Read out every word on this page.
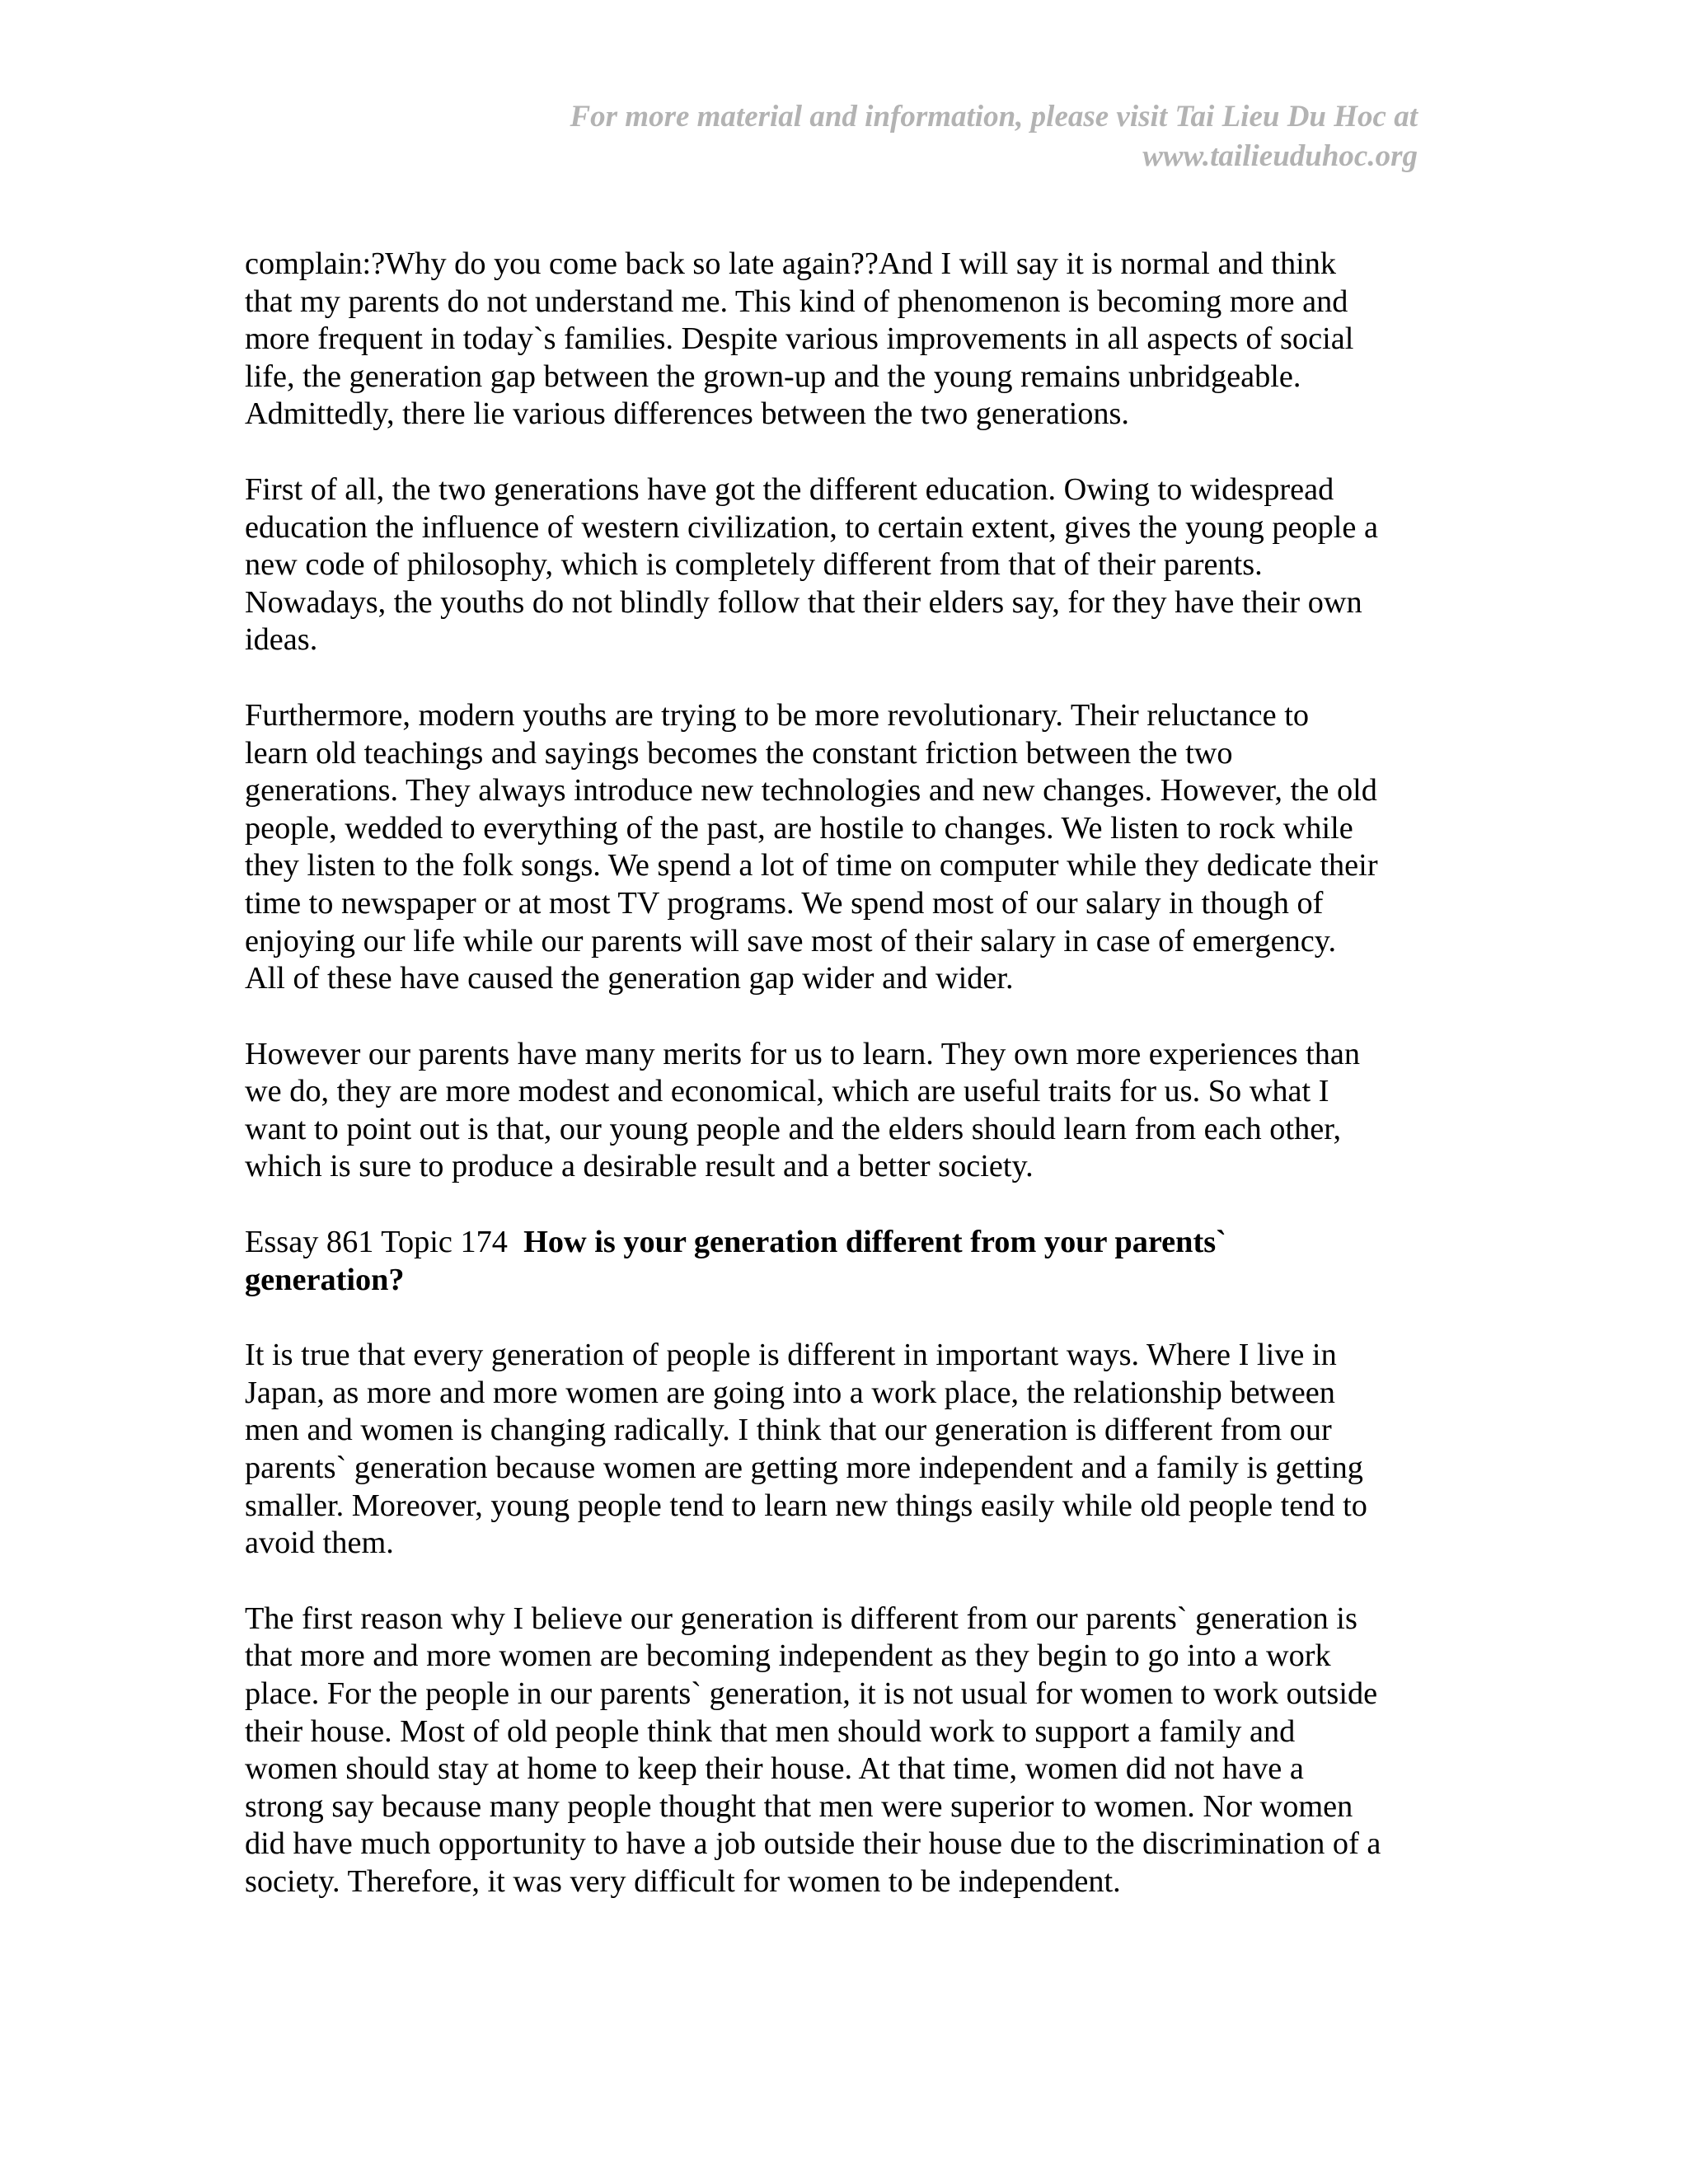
For more material and information, please visit Tai Lieu Du Hoc at
www.tailieuduhoc.org
complain:?Why do you come back so late again??And I will say it is normal and think
that my parents do not understand me. This kind of phenomenon is becoming more and
more frequent in today`s families. Despite various improvements in all aspects of social
life, the generation gap between the grown-up and the young remains unbridgeable.
Admittedly, there lie various differences between the two generations.
First of all, the two generations have got the different education. Owing to widespread
education the influence of western civilization, to certain extent, gives the young people a
new code of philosophy, which is completely different from that of their parents.
Nowadays, the youths do not blindly follow that their elders say, for they have their own
ideas.
Furthermore, modern youths are trying to be more revolutionary. Their reluctance to
learn old teachings and sayings becomes the constant friction between the two
generations. They always introduce new technologies and new changes. However, the old
people, wedded to everything of the past, are hostile to changes. We listen to rock while
they listen to the folk songs. We spend a lot of time on computer while they dedicate their
time to newspaper or at most TV programs. We spend most of our salary in though of
enjoying our life while our parents will save most of their salary in case of emergency.
All of these have caused the generation gap wider and wider.
However our parents have many merits for us to learn. They own more experiences than
we do, they are more modest and economical, which are useful traits for us. So what I
want to point out is that, our young people and the elders should learn from each other,
which is sure to produce a desirable result and a better society.
Essay 861 Topic 174 How is your generation different from your parents`
generation?
It is true that every generation of people is different in important ways. Where I live in
Japan, as more and more women are going into a work place, the relationship between
men and women is changing radically. I think that our generation is different from our
parents` generation because women are getting more independent and a family is getting
smaller. Moreover, young people tend to learn new things easily while old people tend to
avoid them.
The first reason why I believe our generation is different from our parents` generation is
that more and more women are becoming independent as they begin to go into a work
place. For the people in our parents` generation, it is not usual for women to work outside
their house. Most of old people think that men should work to support a family and
women should stay at home to keep their house. At that time, women did not have a
strong say because many people thought that men were superior to women. Nor women
did have much opportunity to have a job outside their house due to the discrimination of a
society. Therefore, it was very difficult for women to be independent.
